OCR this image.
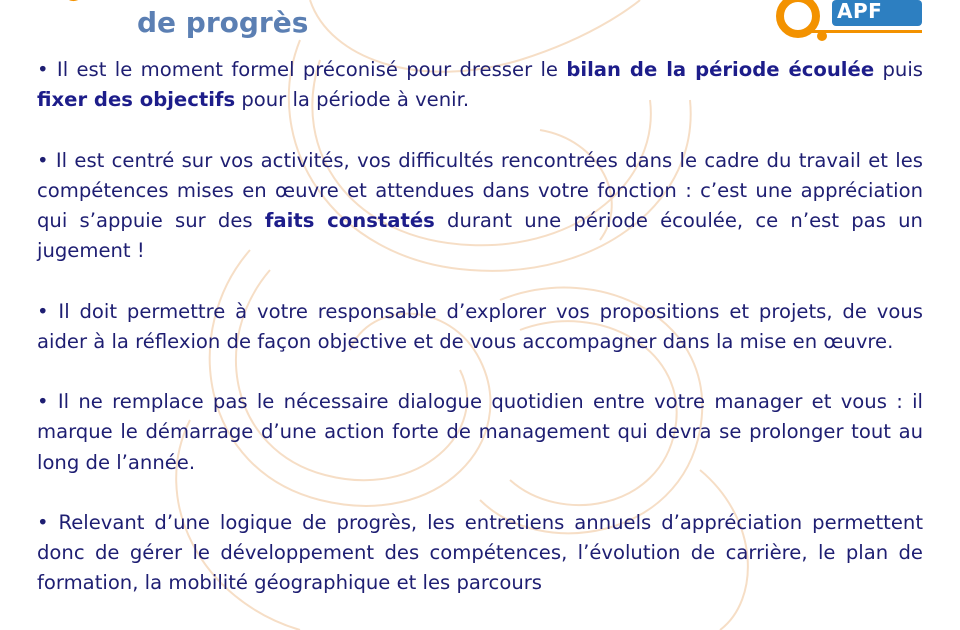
de progrès	APF

• Il est le moment formel préconisé pour dresser le bilan de la période écoulée puis fixer des objectifs pour la période à venir.

• Il est centré sur vos activités, vos difficultés rencontrées dans le cadre du travail et les compétences mises en œuvre et attendues dans votre fonction : c’est une appréciation qui s’appuie sur des faits constatés durant une période écoulée, ce n’est pas un jugement !

• Il doit permettre à votre responsable d’explorer vos propositions et projets, de vous aider à la réflexion de façon objective et de vous accompagner dans la mise en œuvre.

• Il ne remplace pas le nécessaire dialogue quotidien entre votre manager et vous : il marque le démarrage d’une action forte de management qui devra se prolonger tout au long de l’année.

• Relevant d’une logique de progrès, les entretiens annuels d’appréciation permettent donc de gérer le développement des compétences, l’évolution de carrière, le plan de formation, la mobilité géographique et les parcours
